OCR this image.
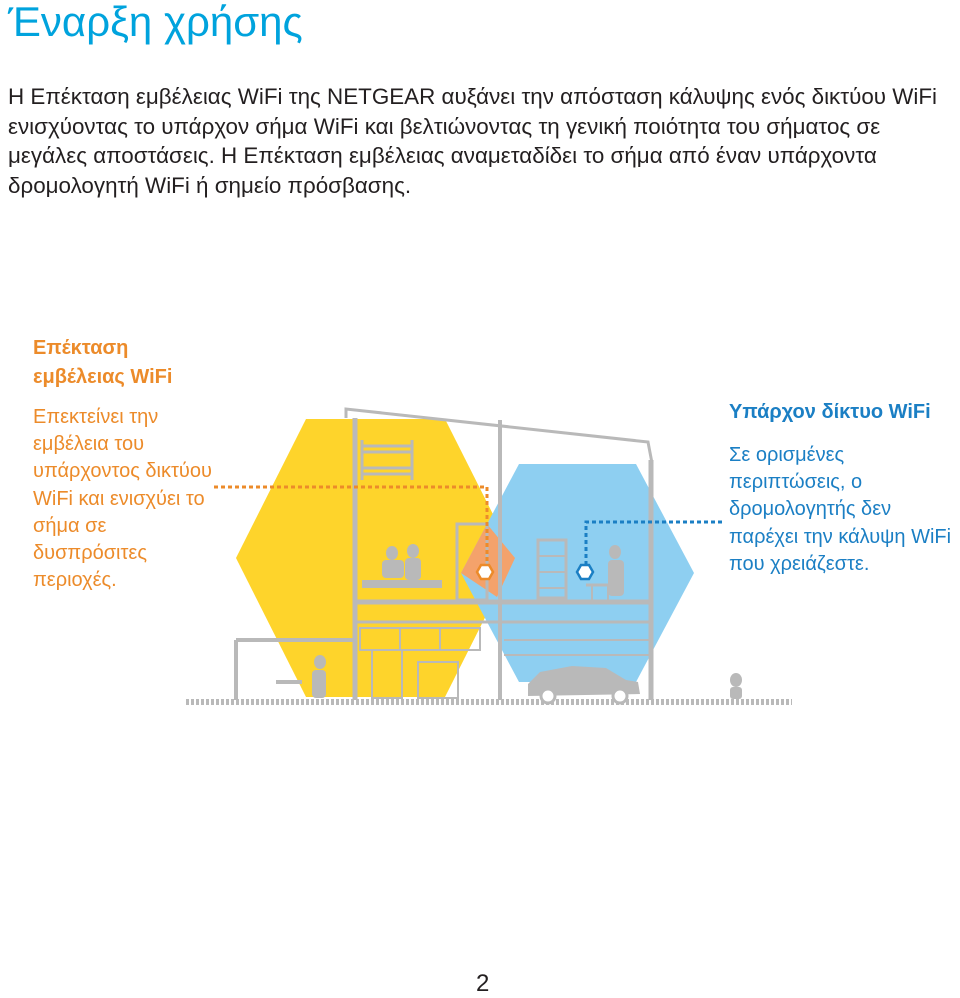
Έναρξη χρήσης

Η Επέκταση εμβέλειας WiFi της NETGEAR αυξάνει την απόσταση κάλυψης ενός δικτύου WiFi ενισχύοντας το υπάρχον σήμα WiFi και βελτιώνοντας τη γενική ποιότητα του σήματος σε μεγάλες αποστάσεις. Η Επέκταση εμβέλειας αναμεταδίδει το σήμα από έναν υπάρχοντα δρομολογητή WiFi ή σημείο πρόσβασης.

Επέκταση εμβέλειας WiFi

Επεκτείνει την εμβέλεια του υπάρχοντος δικτύου WiFi και ενισχύει το σήμα σε δυσπρόσιτες περιοχές.

Υπάρχον δίκτυο WiFi

Σε ορισμένες περιπτώσεις, ο δρομολογητής δεν παρέχει την κάλυψη WiFi που χρειάζεστε.

2
